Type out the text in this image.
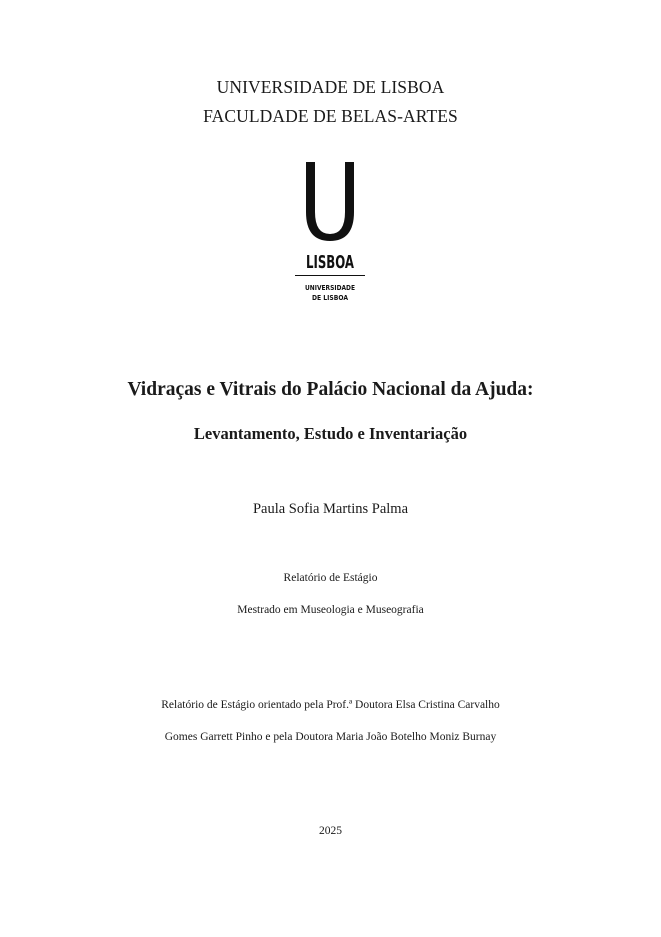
UNIVERSIDADE DE LISBOA
FACULDADE DE BELAS-ARTES
LISBOA
UNIVERSIDADE
DE LISBOA
Vidraças e Vitrais do Palácio Nacional da Ajuda:
Levantamento, Estudo e Inventariação
Paula Sofia Martins Palma
Relatório de Estágio
Mestrado em Museologia e Museografia
Relatório de Estágio orientado pela Prof.ª Doutora Elsa Cristina Carvalho
Gomes Garrett Pinho e pela Doutora Maria João Botelho Moniz Burnay
2025
